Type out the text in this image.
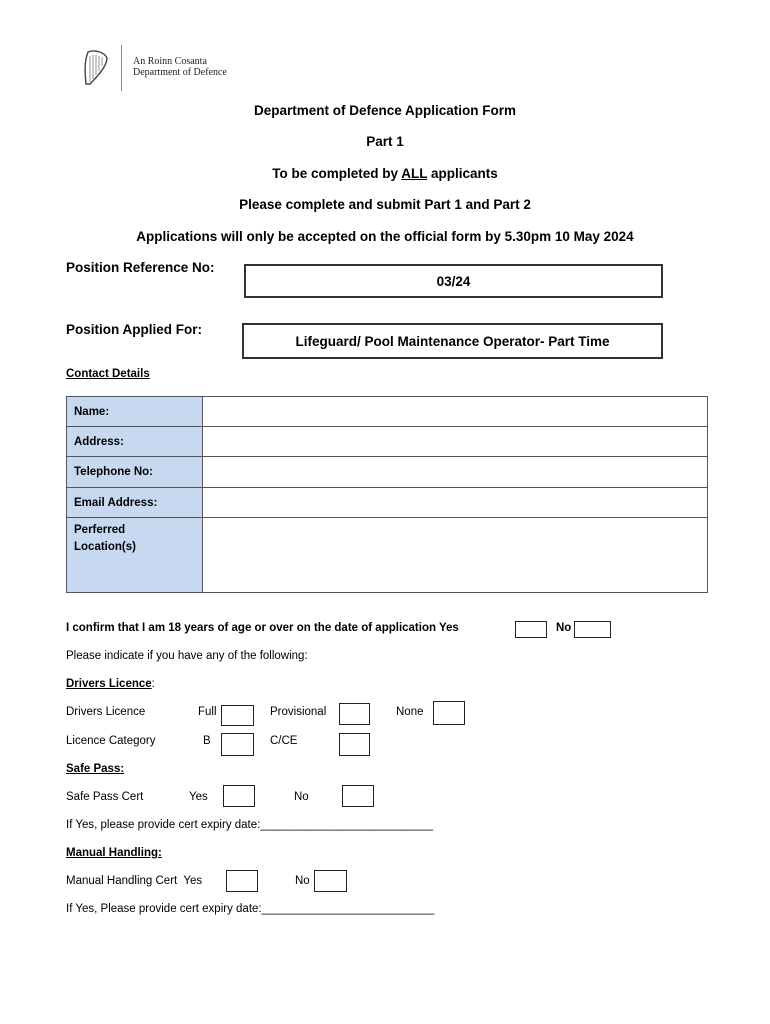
An Roinn Cosanta
Department of Defence
Department of Defence Application Form
Part 1
To be completed by ALL applicants
Please complete and submit Part 1 and Part 2
Applications will only be accepted on the official form by 5.30pm 10 May 2024
Position Reference No:
03/24
Position Applied For:
Lifeguard/ Pool Maintenance Operator- Part Time
Contact Details
Name:	
Address:	
Telephone No:	
Email Address:	

Perferred Location(s)	

I confirm that I am 18 years of age or over on the date of application Yes	No
Please indicate if you have any of the following:
Drivers Licence:
Drivers Licence	Full	Provisional	None
Licence Category	B	C/CE
Safe Pass:
Safe Pass Cert	Yes	No
If Yes, please provide cert expiry date:___________________________
Manual Handling:
Manual Handling Cert  Yes	No
If Yes, Please provide cert expiry date:___________________________
